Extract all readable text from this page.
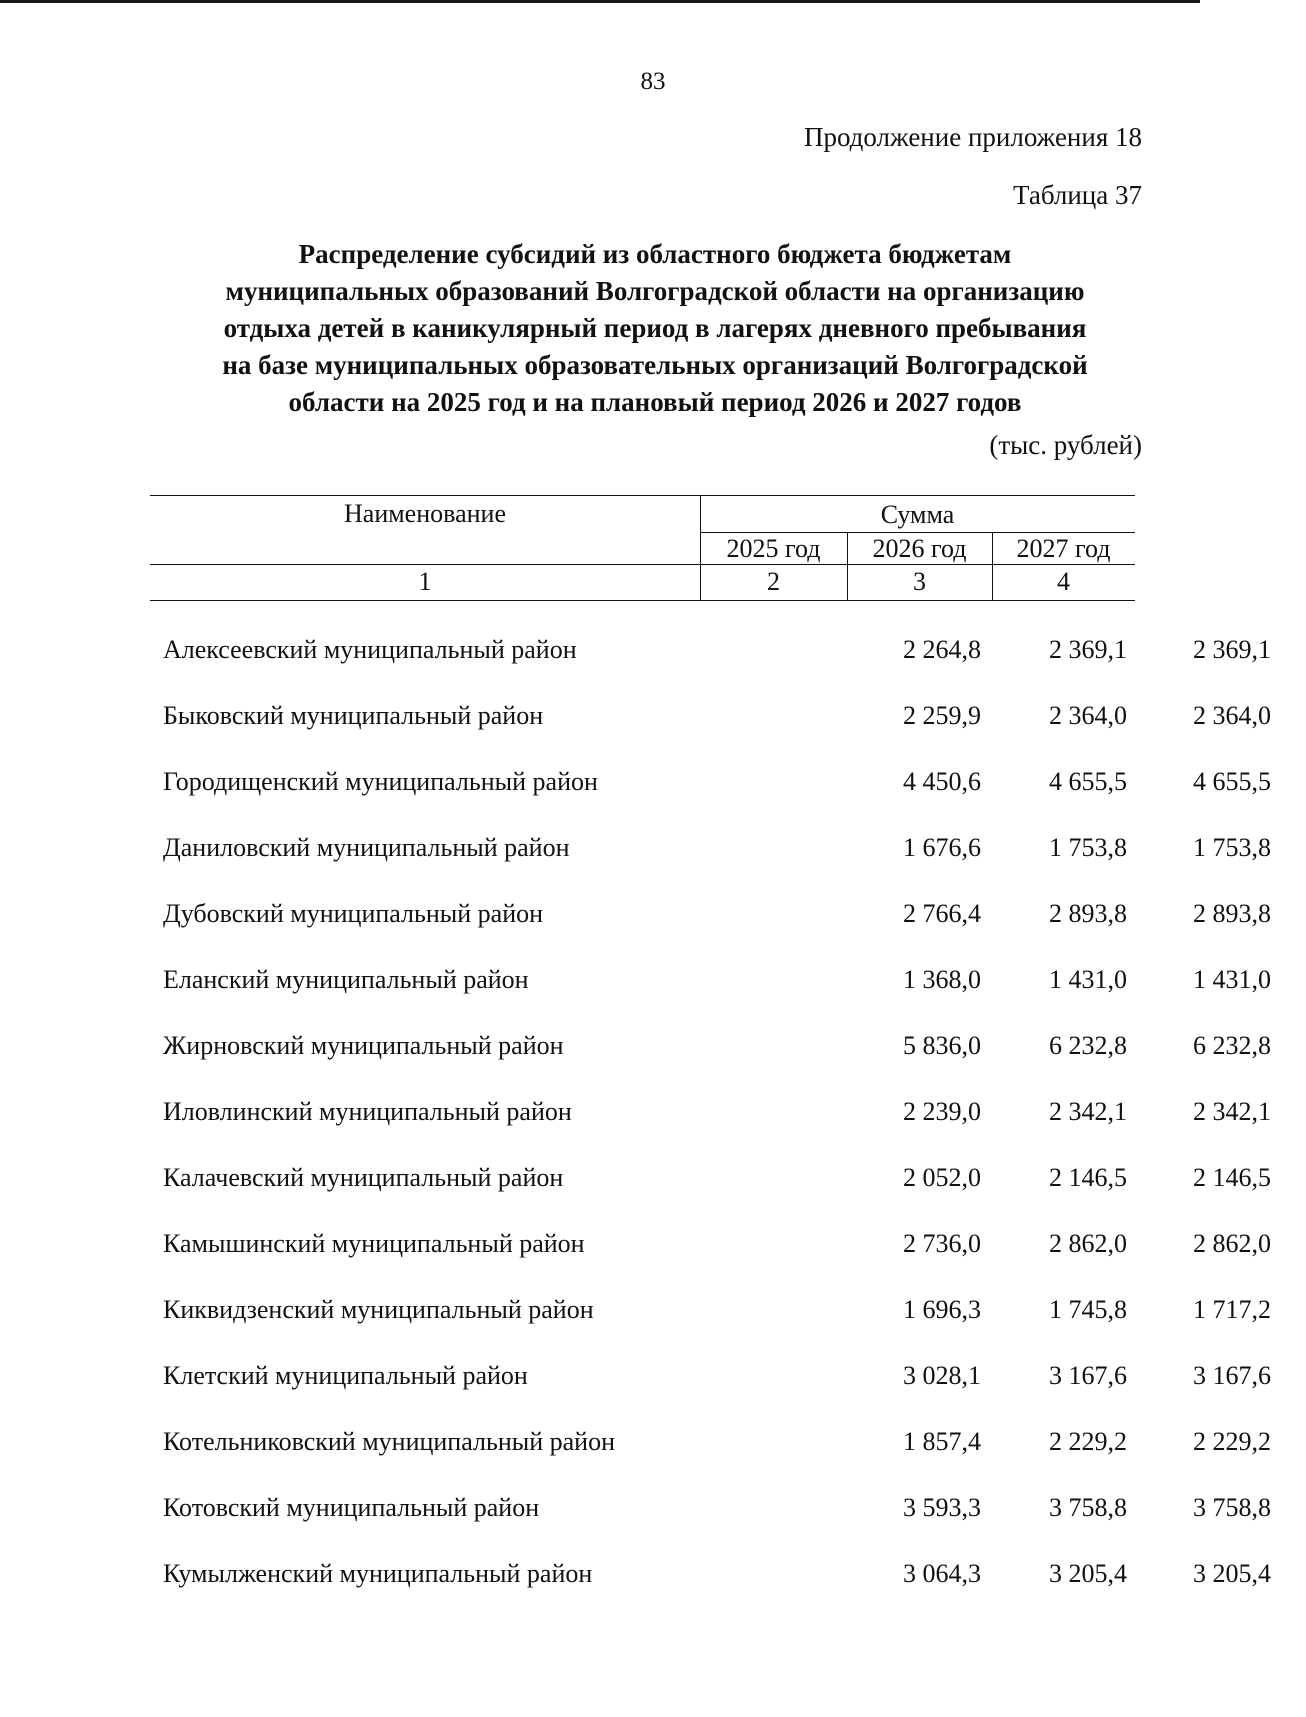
83
Продолжение приложения 18
Таблица 37
Распределение субсидий из областного бюджета бюджетам
муниципальных образований Волгоградской области на организацию
отдыха детей в каникулярный период в лагерях дневного пребывания
на базе муниципальных образовательных организаций Волгоградской
области на 2025 год и на плановый период 2026 и 2027 годов
(тыс. рублей)
Наименование	Сумма
2025 год	2026 год	2027 год
1	2	3	4
Алексеевский муниципальный район	2 264,8	2 369,1	2 369,1
Быковский муниципальный район	2 259,9	2 364,0	2 364,0
Городищенский муниципальный район	4 450,6	4 655,5	4 655,5
Даниловский муниципальный район	1 676,6	1 753,8	1 753,8
Дубовский муниципальный район	2 766,4	2 893,8	2 893,8
Еланский муниципальный район	1 368,0	1 431,0	1 431,0
Жирновский муниципальный район	5 836,0	6 232,8	6 232,8
Иловлинский муниципальный район	2 239,0	2 342,1	2 342,1
Калачевский муниципальный район	2 052,0	2 146,5	2 146,5
Камышинский муниципальный район	2 736,0	2 862,0	2 862,0
Киквидзенский муниципальный район	1 696,3	1 745,8	1 717,2
Клетский муниципальный район	3 028,1	3 167,6	3 167,6
Котельниковский муниципальный район	1 857,4	2 229,2	2 229,2
Котовский муниципальный район	3 593,3	3 758,8	3 758,8
Кумылженский муниципальный район	3 064,3	3 205,4	3 205,4
